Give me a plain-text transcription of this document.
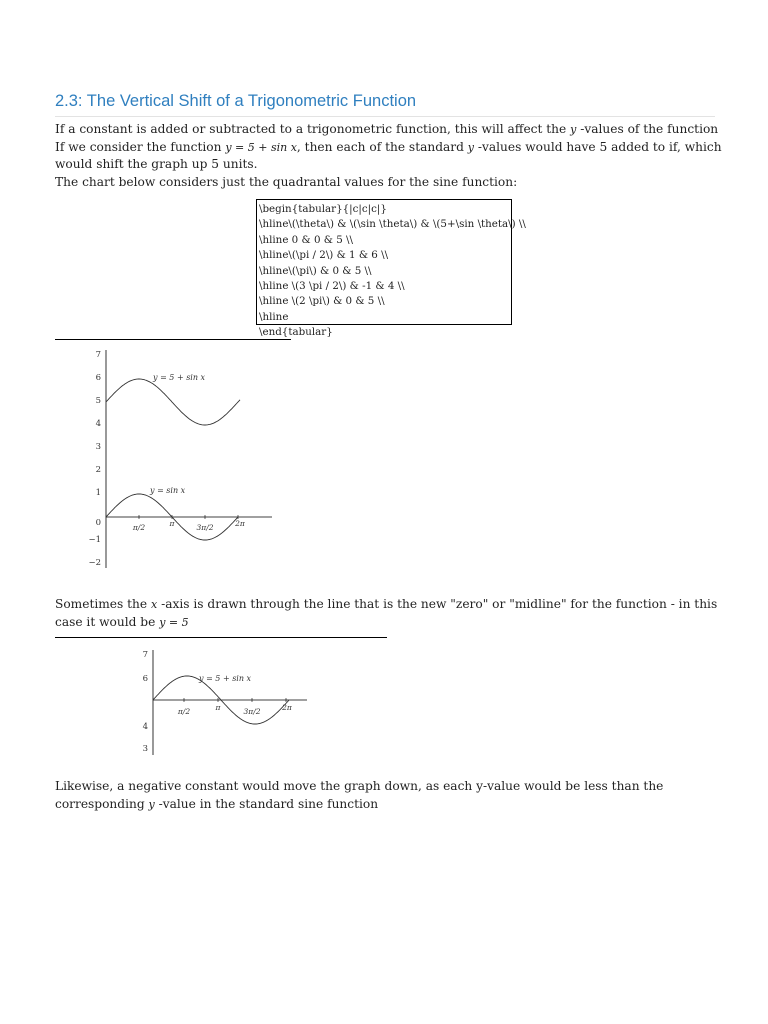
2.3: The Vertical Shift of a Trigonometric Function

If a constant is added or subtracted to a trigonometric function, this will affect the y -values of the function If we consider the function y = 5 + sin x, then each of the standard y -values would have 5 added to if, which would shift the graph up 5 units.
The chart below considers just the quadrantal values for the sine function:

\begin{tabular}{|c|c|c|}
\hline\(\theta\) & \(\sin \theta\) & \(5+\sin \theta\) \\
\hline 0 & 0 & 5 \\
\hline\(\pi / 2\) & 1 & 6 \\
\hline\(\pi\) & 0 & 5 \\
\hline \(3 \pi / 2\) & -1 & 4 \\
\hline \(2 \pi\) & 0 & 5 \\
\hline
\end{tabular}
7
6
5
4
3
2
1
0
−1
−2
π/2	π	3π/2	2π
y = 5 + sin x
y = sin x

Sometimes the x -axis is drawn through the line that is the new "zero" or "midline" for the function - in this case it would be y = 5

7
6
4
3
π/2	π	3π/2	2π
y = 5 + sin x

Likewise, a negative constant would move the graph down, as each y-value would be less than the corresponding y -value in the standard sine function
